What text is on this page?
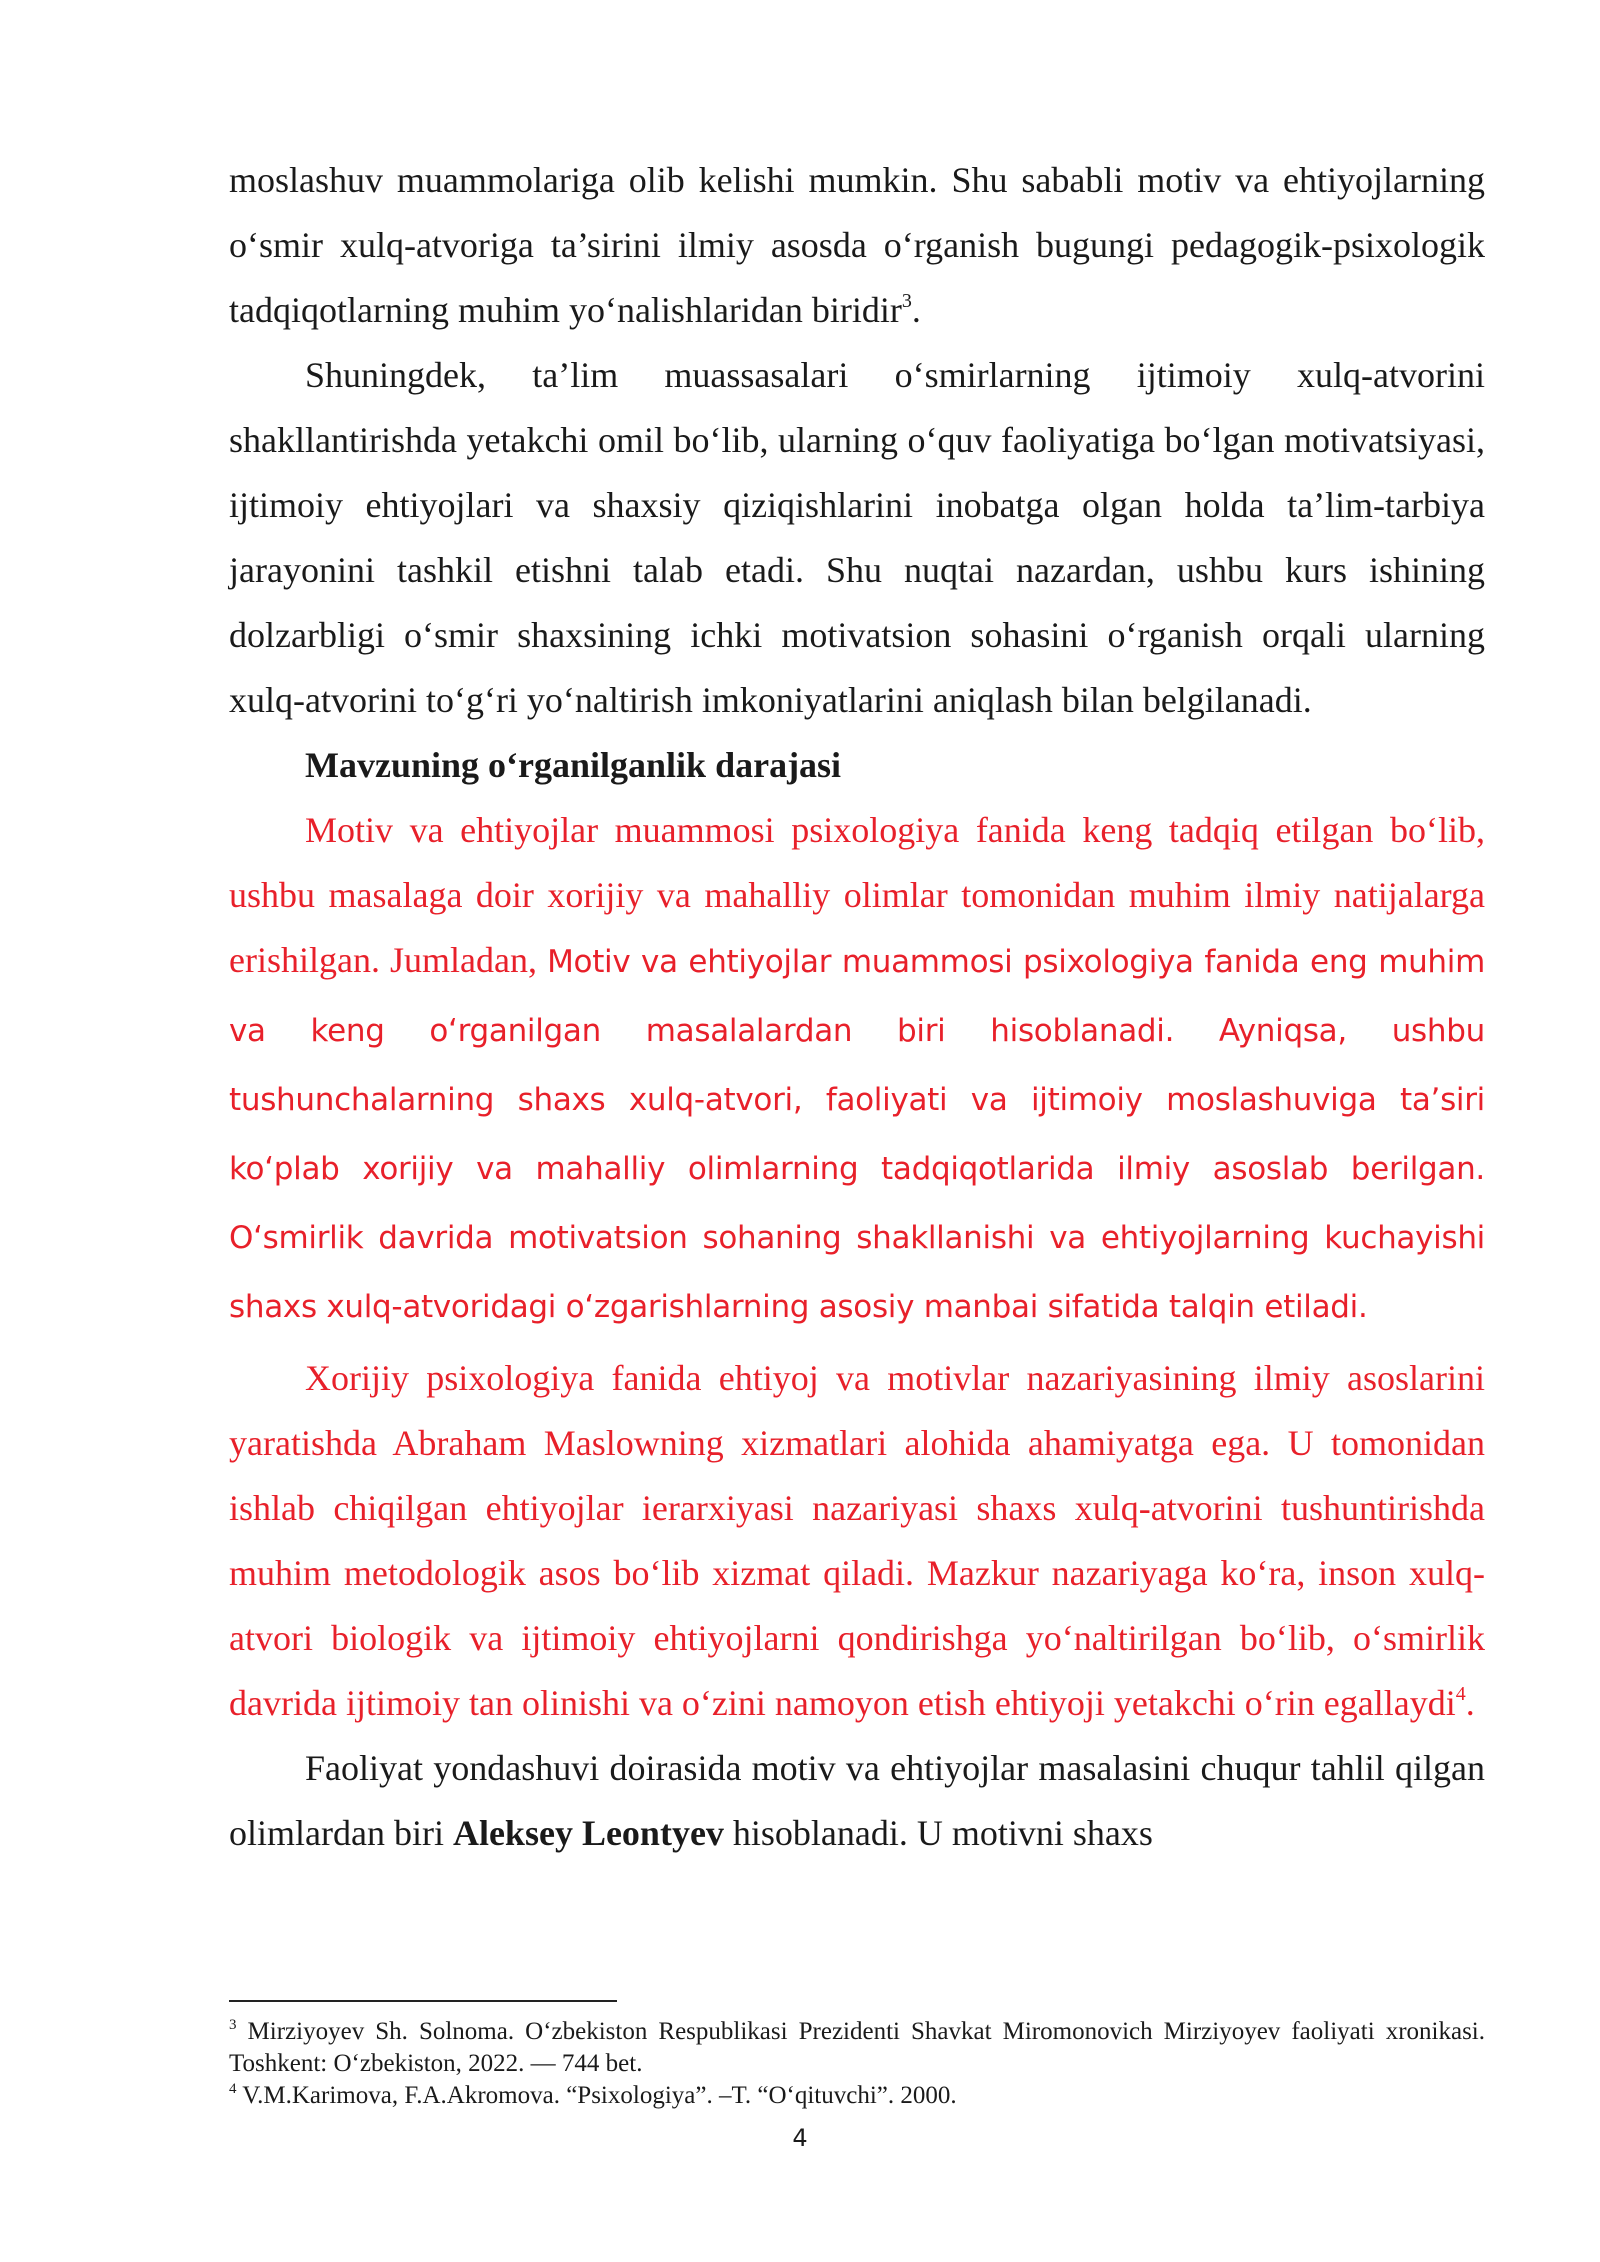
moslashuv muammolariga olib kelishi mumkin. Shu sababli motiv va ehtiyojlarning o‘smir xulq-atvoriga ta’sirini ilmiy asosda o‘rganish bugungi pedagogik-psixologik tadqiqotlarning muhim yo‘nalishlaridan biridir$^3$.

Shuningdek, ta’lim muassasalari o‘smirlarning ijtimoiy xulq-atvorini shakllantirishda yetakchi omil bo‘lib, ularning o‘quv faoliyatiga bo‘lgan motivatsiyasi, ijtimoiy ehtiyojlari va shaxsiy qiziqishlarini inobatga olgan holda ta’lim-tarbiya jarayonini tashkil etishni talab etadi. Shu nuqtai nazardan, ushbu kurs ishining dolzarbligi o‘smir shaxsining ichki motivatsion sohasini o‘rganish orqali ularning xulq-atvorini to‘g‘ri yo‘naltirish imkoniyatlarini aniqlash bilan belgilanadi.

Mavzuning o‘rganilganlik darajasi

Motiv va ehtiyojlar muammosi psixologiya fanida keng tadqiq etilgan bo‘lib, ushbu masalaga doir xorijiy va mahalliy olimlar tomonidan muhim ilmiy natijalarga erishilgan. Jumladan, Motiv va ehtiyojlar muammosi psixologiya fanida eng muhim va keng o‘rganilgan masalalardan biri hisoblanadi. Ayniqsa, ushbu tushunchalarning shaxs xulq-atvori, faoliyati va ijtimoiy moslashuviga ta’siri ko‘plab xorijiy va mahalliy olimlarning tadqiqotlarida ilmiy asoslab berilgan. O‘smirlik davrida motivatsion sohaning shakllanishi va ehtiyojlarning kuchayishi shaxs xulq-atvoridagi o‘zgarishlarning asosiy manbai sifatida talqin etiladi.

Xorijiy psixologiya fanida ehtiyoj va motivlar nazariyasining ilmiy asoslarini yaratishda Abraham Maslowning xizmatlari alohida ahamiyatga ega. U tomonidan ishlab chiqilgan ehtiyojlar ierarxiyasi nazariyasi shaxs xulq-atvorini tushuntirishda muhim metodologik asos bo‘lib xizmat qiladi. Mazkur nazariyaga ko‘ra, inson xulq-atvori biologik va ijtimoiy ehtiyojlarni qondirishga yo‘naltirilgan bo‘lib, o‘smirlik davrida ijtimoiy tan olinishi va o‘zini namoyon etish ehtiyoji yetakchi o‘rin egallaydi$^4$.

Faoliyat yondashuvi doirasida motiv va ehtiyojlar masalasini chuqur tahlil qilgan olimlardan biri Aleksey Leontyev hisoblanadi. U motivni shaxs

$^3$ Mirziyoyev Sh. Solnoma. O‘zbekiston Respublikasi Prezidenti Shavkat Miromonovich Mirziyoyev faoliyati xronikasi. Toshkent: O‘zbekiston, 2022. — 744 bet.

$^4$ V.M.Karimova, F.A.Akromova. “Psixologiya”. –T. “O‘qituvchi”. 2000.

4
